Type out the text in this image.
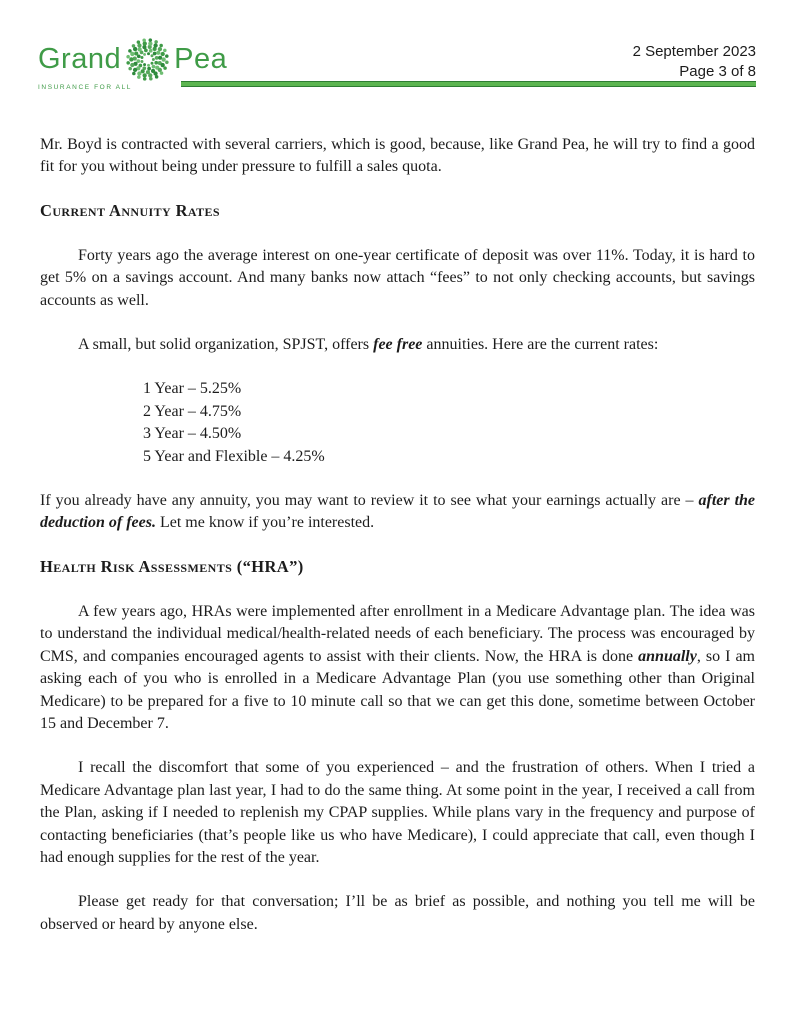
Grand Pea
INSURANCE FOR ALL
2 September 2023
Page 3 of 8

Mr. Boyd is contracted with several carriers, which is good, because, like Grand Pea, he will try to find a good fit for you without being under pressure to fulfill a sales quota.

Current Annuity Rates

Forty years ago the average interest on one-year certificate of deposit was over 11%. Today, it is hard to get 5% on a savings account. And many banks now attach “fees” to not only checking accounts, but savings accounts as well.

A small, but solid organization, SPJST, offers fee free annuities. Here are the current rates:

1 Year – 5.25%
2 Year – 4.75%
3 Year – 4.50%
5 Year and Flexible – 4.25%

If you already have any annuity, you may want to review it to see what your earnings actually are – after the deduction of fees. Let me know if you’re interested.

Health Risk Assessments (“HRA”)

A few years ago, HRAs were implemented after enrollment in a Medicare Advantage plan. The idea was to understand the individual medical/health-related needs of each beneficiary. The process was encouraged by CMS, and companies encouraged agents to assist with their clients. Now, the HRA is done annually, so I am asking each of you who is enrolled in a Medicare Advantage Plan (you use something other than Original Medicare) to be prepared for a five to 10 minute call so that we can get this done, sometime between October 15 and December 7.

I recall the discomfort that some of you experienced – and the frustration of others. When I tried a Medicare Advantage plan last year, I had to do the same thing. At some point in the year, I received a call from the Plan, asking if I needed to replenish my CPAP supplies. While plans vary in the frequency and purpose of contacting beneficiaries (that’s people like us who have Medicare), I could appreciate that call, even though I had enough supplies for the rest of the year.

Please get ready for that conversation; I’ll be as brief as possible, and nothing you tell me will be observed or heard by anyone else.
